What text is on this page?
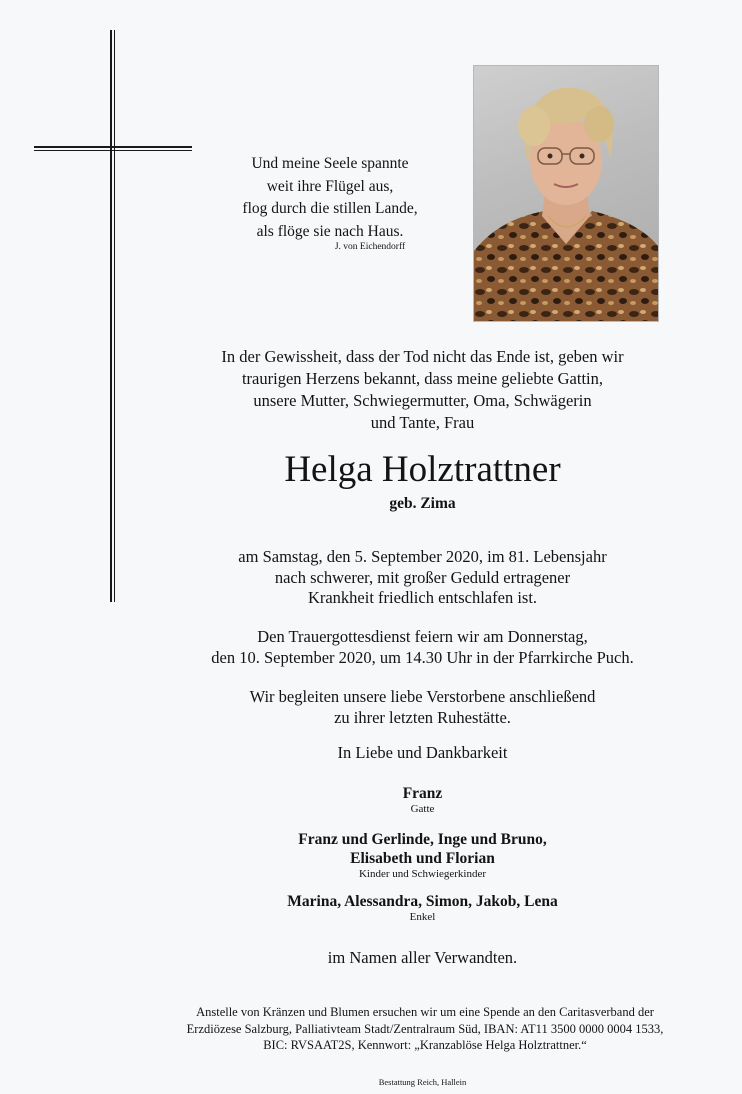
Und meine Seele spannte
weit ihre Flügel aus,
flog durch die stillen Lande,
als flöge sie nach Haus.
J. von Eichendorff
In der Gewissheit, dass der Tod nicht das Ende ist, geben wir
traurigen Herzens bekannt, dass meine geliebte Gattin,
unsere Mutter, Schwiegermutter, Oma, Schwägerin
und Tante, Frau
Helga Holztrattner
geb. Zima
am Samstag, den 5. September 2020, im 81. Lebensjahr
nach schwerer, mit großer Geduld ertragener
Krankheit friedlich entschlafen ist.
Den Trauergottesdienst feiern wir am Donnerstag,
den 10. September 2020, um 14.30 Uhr in der Pfarrkirche Puch.
Wir begleiten unsere liebe Verstorbene anschließend
zu ihrer letzten Ruhestätte.
In Liebe und Dankbarkeit
Franz
Gatte
Franz und Gerlinde, Inge und Bruno,
Elisabeth und Florian
Kinder und Schwiegerkinder
Marina, Alessandra, Simon, Jakob, Lena
Enkel
im Namen aller Verwandten.
Anstelle von Kränzen und Blumen ersuchen wir um eine Spende an den Caritasverband der
Erzdiözese Salzburg, Palliativteam Stadt/Zentralraum Süd, IBAN: AT11 3500 0000 0004 1533,
BIC: RVSAAT2S, Kennwort: „Kranzablöse Helga Holztrattner.“
Bestattung Reich, Hallein
